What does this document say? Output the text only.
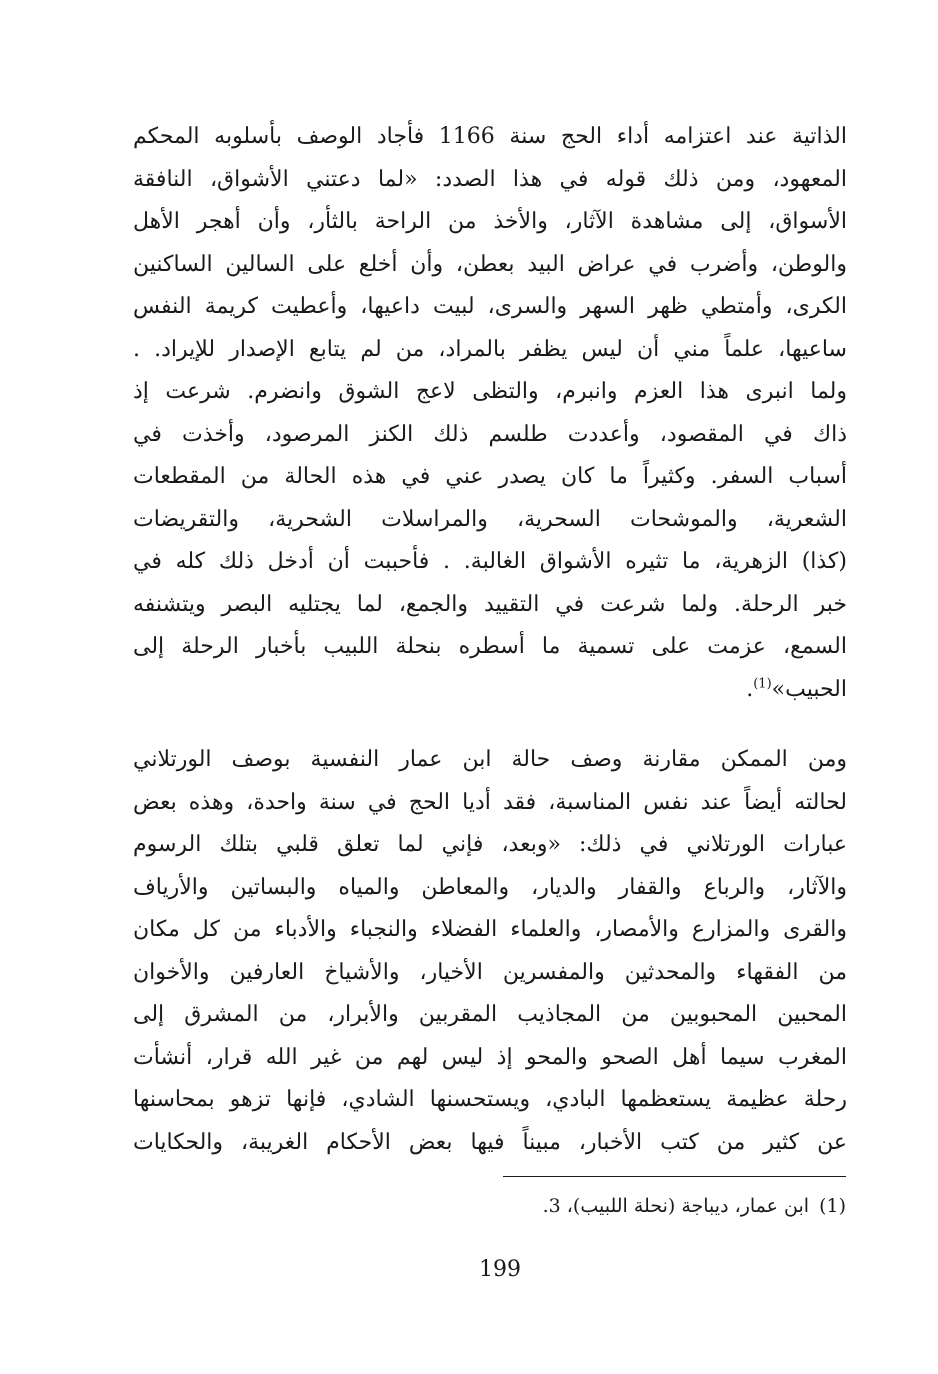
الذاتية عند اعتزامه أداء الحج سنة 1166 فأجاد الوصف بأسلوبه المحكم
المعهود، ومن ذلك قوله في هذا الصدد: «لما دعتني الأشواق، النافقة
الأسواق، إلى مشاهدة الآثار، والأخذ من الراحة بالثأر، وأن أهجر الأهل
والوطن، وأضرب في عراض البيد بعطن، وأن أخلع على السالين الساكنين
الكرى، وأمتطي ظهر السهر والسرى، لبيت داعيها، وأعطيت كريمة النفس
ساعيها، علماً مني أن ليس يظفر بالمراد، من لم يتابع الإصدار للإيراد. .
ولما انبرى هذا العزم وانبرم، والتظى لاعج الشوق وانضرم. شرعت إذ
ذاك في المقصود، وأعددت طلسم ذلك الكنز المرصود، وأخذت في
أسباب السفر. وكثيراً ما كان يصدر عني في هذه الحالة من المقطعات
الشعرية، والموشحات السحرية، والمراسلات الشحرية، والتقريضات
(كذا) الزهرية، ما تثيره الأشواق الغالبة. . فأحببت أن أدخل ذلك كله في
خبر الرحلة. ولما شرعت في التقييد والجمع، لما يجتليه البصر ويتشنفه
السمع، عزمت على تسمية ما أسطره بنحلة اللبيب بأخبار الرحلة إلى
الحبيب»$^{(1)}$.
ومن الممكن مقارنة وصف حالة ابن عمار النفسية بوصف الورتلاني
لحالته أيضاً عند نفس المناسبة، فقد أديا الحج في سنة واحدة، وهذه بعض
عبارات الورتلاني في ذلك: «وبعد، فإني لما تعلق قلبي بتلك الرسوم
والآثار، والرباع والقفار والديار، والمعاطن والمياه والبساتين والأرياف
والقرى والمزارع والأمصار، والعلماء الفضلاء والنجباء والأدباء من كل مكان
من الفقهاء والمحدثين والمفسرين الأخيار، والأشياخ العارفين والأخوان
المحبين المحبوبين من المجاذيب المقربين والأبرار، من المشرق إلى
المغرب سيما أهل الصحو والمحو إذ ليس لهم من غير الله قرار، أنشأت
رحلة عظيمة يستعظمها البادي، ويستحسنها الشادي، فإنها تزهو بمحاسنها
عن كثير من كتب الأخبار، مبيناً فيها بعض الأحكام الغريبة، والحكايات
(1)ابن عمار، ديباجة (نحلة اللبيب)، 3.
199
